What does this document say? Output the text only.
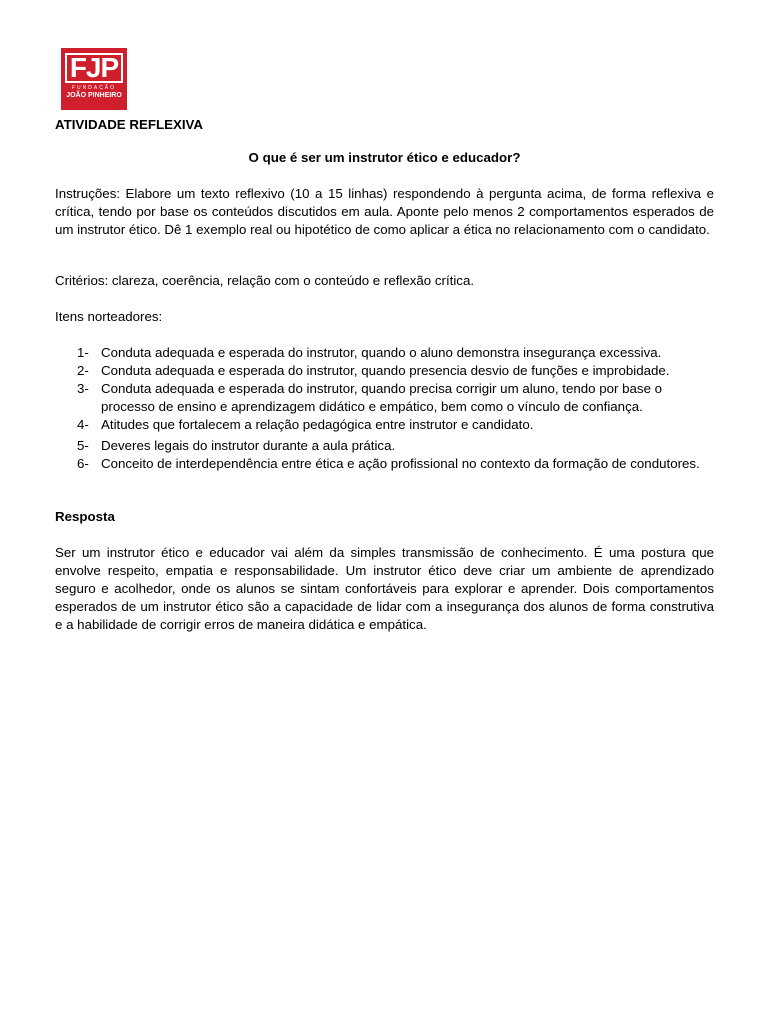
FJP
FUNDAÇÃO
JOÃO PINHEIRO
ATIVIDADE REFLEXIVA
O que é ser um instrutor ético e educador?

Instruções: Elabore um texto reflexivo (10 a 15 linhas) respondendo à pergunta acima, de forma reflexiva e crítica, tendo por base os conteúdos discutidos em aula. Aponte pelo menos 2 comportamentos esperados de um instrutor ético. Dê 1 exemplo real ou hipotético de como aplicar a ética no relacionamento com o candidato.

Critérios: clareza, coerência, relação com o conteúdo e reflexão crítica.
Itens norteadores:
1- Conduta adequada e esperada do instrutor, quando o aluno demonstra insegurança excessiva.
2- Conduta adequada e esperada do instrutor, quando presencia desvio de funções e improbidade.
3- Conduta adequada e esperada do instrutor, quando precisa corrigir um aluno, tendo por base o processo de ensino e aprendizagem didático e empático, bem como o vínculo de confiança.
4- Atitudes que fortalecem a relação pedagógica entre instrutor e candidato.
5- Deveres legais do instrutor durante a aula prática.
6- Conceito de interdependência entre ética e ação profissional no contexto da formação de condutores.
Resposta

Ser um instrutor ético e educador vai além da simples transmissão de conhecimento. É uma postura que envolve respeito, empatia e responsabilidade. Um instrutor ético deve criar um ambiente de aprendizado seguro e acolhedor, onde os alunos se sintam confortáveis para explorar e aprender. Dois comportamentos esperados de um instrutor ético são a capacidade de lidar com a insegurança dos alunos de forma construtiva e a habilidade de corrigir erros de maneira didática e empática.
